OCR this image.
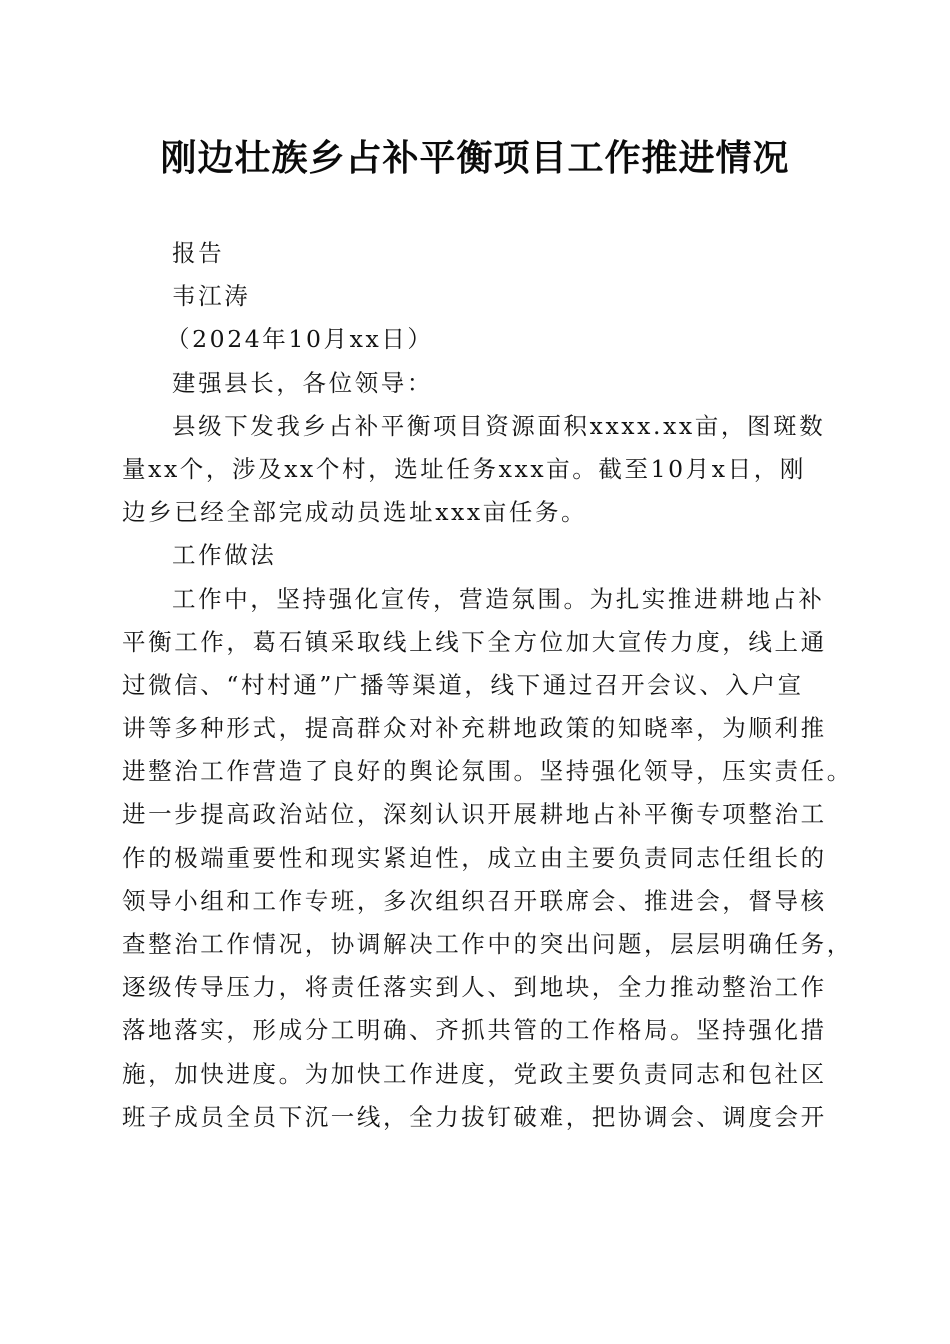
刚边壮族乡占补平衡项目工作推进情况
报告
韦江涛
（2024年10月xx日）
建强县长，各位领导：
县级下发我乡占补平衡项目资源面积xxxx.xx亩，图斑数
量xx个，涉及xx个村，选址任务xxx亩。截至10月x日，刚
边乡已经全部完成动员选址xxx亩任务。
工作做法
工作中，坚持强化宣传，营造氛围。为扎实推进耕地占补
平衡工作，葛石镇采取线上线下全方位加大宣传力度，线上通
过微信、“村村通”广播等渠道，线下通过召开会议、入户宣
讲等多种形式，提高群众对补充耕地政策的知晓率，为顺利推
进整治工作营造了良好的舆论氛围。坚持强化领导，压实责任。
进一步提高政治站位，深刻认识开展耕地占补平衡专项整治工
作的极端重要性和现实紧迫性，成立由主要负责同志任组长的
领导小组和工作专班，多次组织召开联席会、推进会，督导核
查整治工作情况，协调解决工作中的突出问题，层层明确任务，
逐级传导压力，将责任落实到人、到地块，全力推动整治工作
落地落实，形成分工明确、齐抓共管的工作格局。坚持强化措
施，加快进度。为加快工作进度，党政主要负责同志和包社区
班子成员全员下沉一线，全力拔钉破难，把协调会、调度会开
